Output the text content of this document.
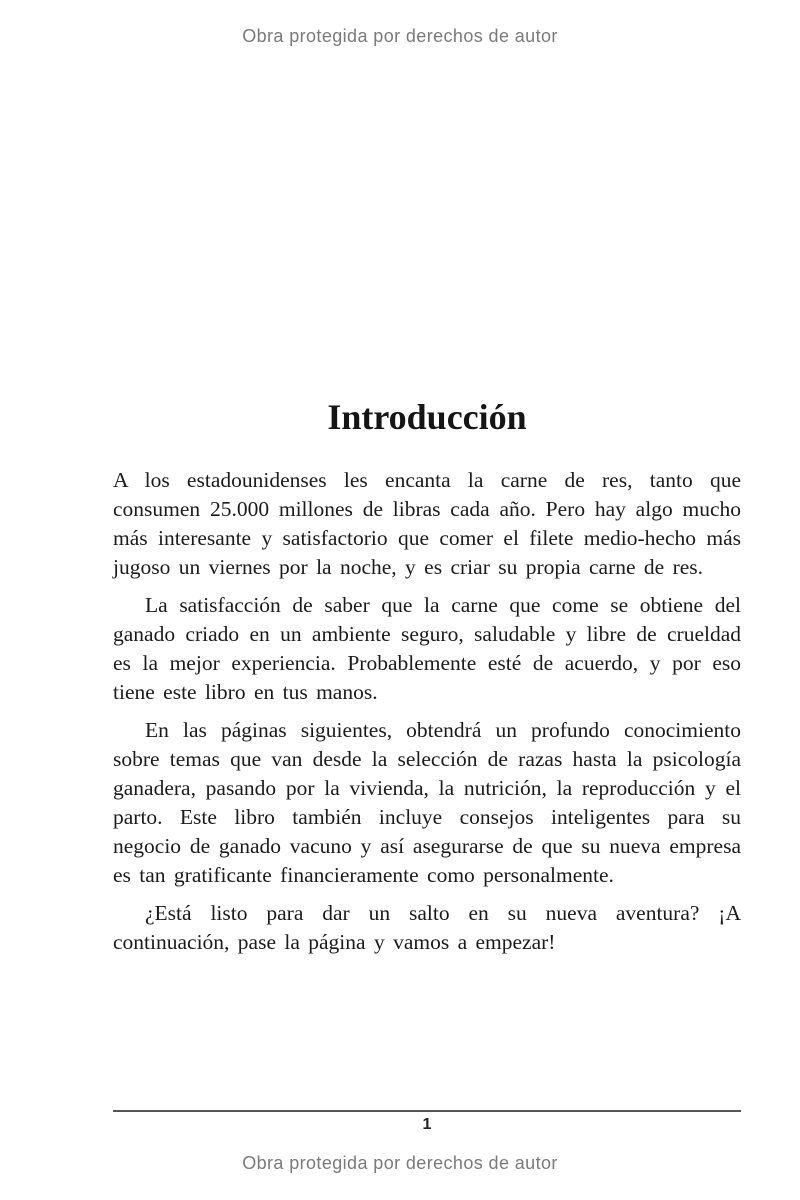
Obra protegida por derechos de autor
Introducción

A los estadounidenses les encanta la carne de res, tanto que consumen 25.000 millones de libras cada año. Pero hay algo mucho más interesante y satisfactorio que comer el filete medio-hecho más jugoso un viernes por la noche, y es criar su propia carne de res.

La satisfacción de saber que la carne que come se obtiene del ganado criado en un ambiente seguro, saludable y libre de crueldad es la mejor experiencia. Probablemente esté de acuerdo, y por eso tiene este libro en tus manos.

En las páginas siguientes, obtendrá un profundo conocimiento sobre temas que van desde la selección de razas hasta la psicología ganadera, pasando por la vivienda, la nutrición, la reproducción y el parto. Este libro también incluye consejos inteligentes para su negocio de ganado vacuno y así asegurarse de que su nueva empresa es tan gratificante financieramente como personalmente.

¿Está listo para dar un salto en su nueva aventura? ¡A continuación, pase la página y vamos a empezar!

1
Obra protegida por derechos de autor
